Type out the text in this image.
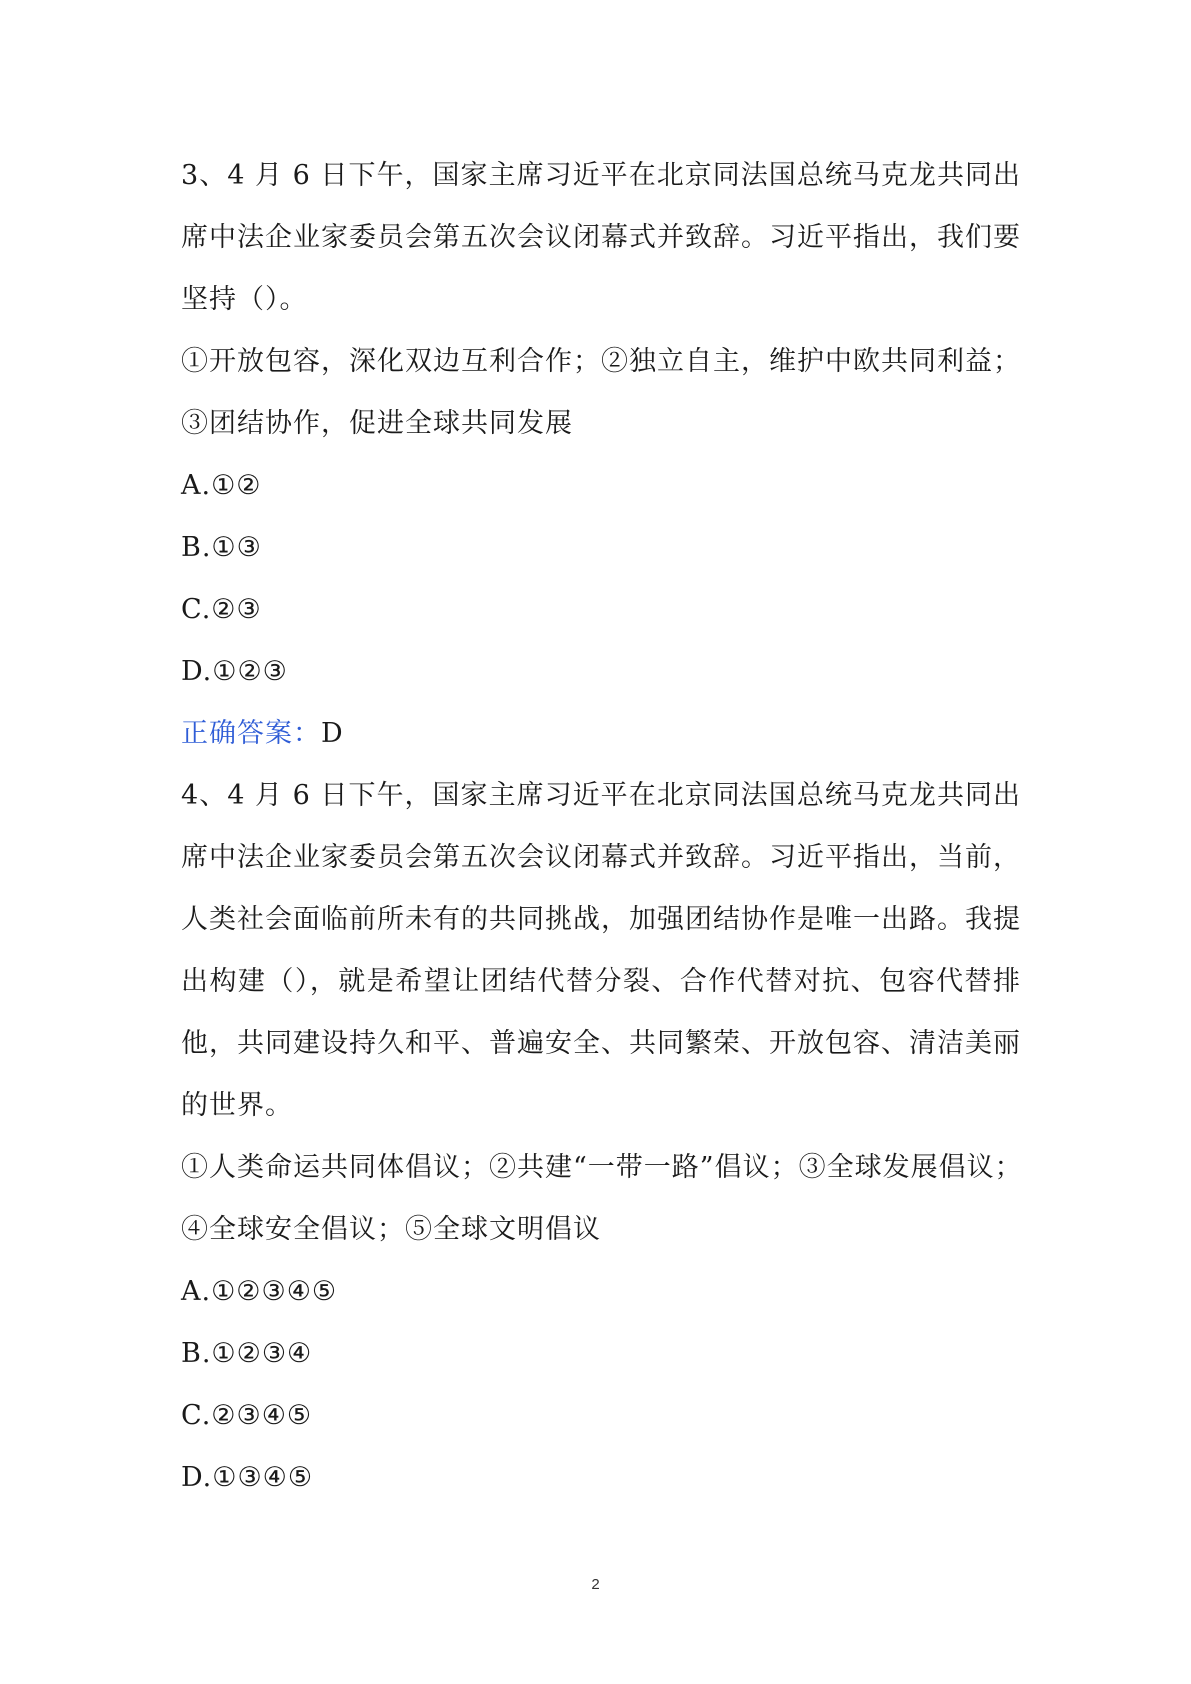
3、4 月 6 日下午，国家主席习近平在北京同法国总统马克龙共同出
席中法企业家委员会第五次会议闭幕式并致辞。习近平指出，我们要
坚持（）。
①开放包容，深化双边互利合作；②独立自主，维护中欧共同利益；
③团结协作，促进全球共同发展
A.①②
B.①③
C.②③
D.①②③
正确答案：D
4、4 月 6 日下午，国家主席习近平在北京同法国总统马克龙共同出
席中法企业家委员会第五次会议闭幕式并致辞。习近平指出，当前，
人类社会面临前所未有的共同挑战，加强团结协作是唯一出路。我提
出构建（），就是希望让团结代替分裂、合作代替对抗、包容代替排
他，共同建设持久和平、普遍安全、共同繁荣、开放包容、清洁美丽
的世界。
①人类命运共同体倡议；②共建“一带一路”倡议；③全球发展倡议；
④全球安全倡议；⑤全球文明倡议
A.①②③④⑤
B.①②③④
C.②③④⑤
D.①③④⑤
2
